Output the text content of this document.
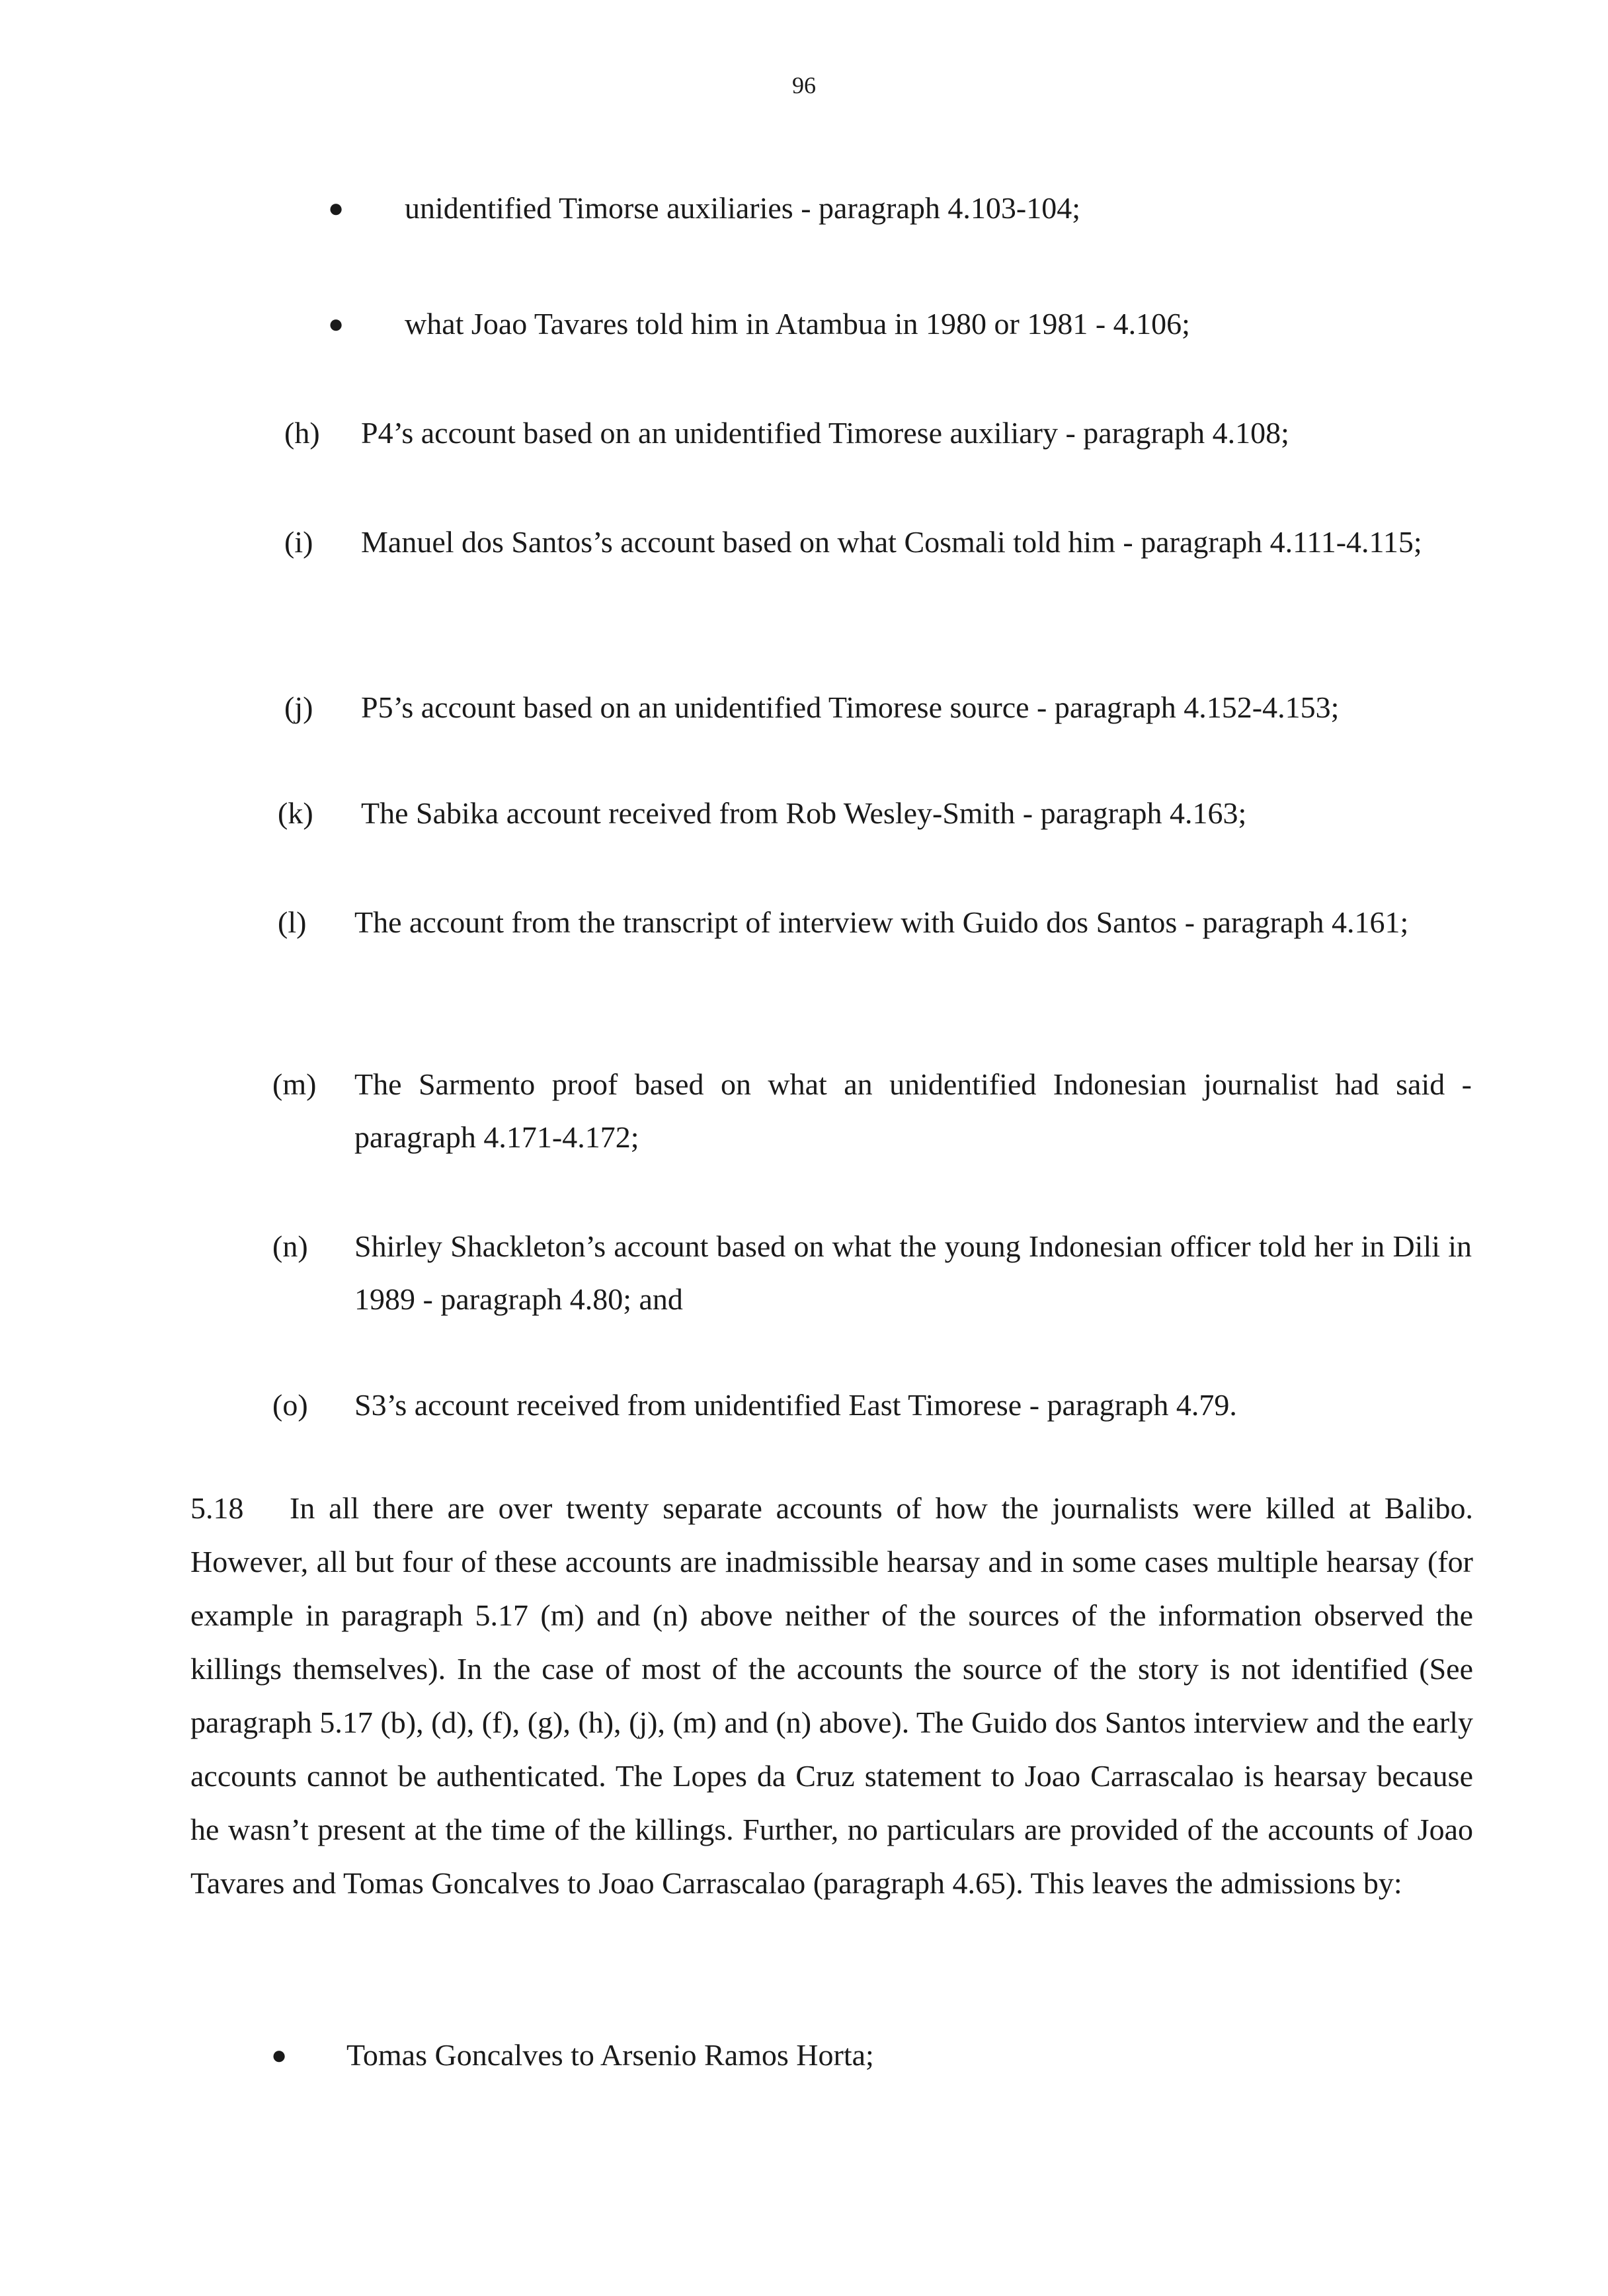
96
● unidentified Timorse auxiliaries - paragraph 4.103-104;
● what Joao Tavares told him in Atambua in 1980 or 1981 - 4.106;
(h) P4’s account based on an unidentified Timorese auxiliary - paragraph 4.108;
(i) Manuel dos Santos’s account based on what Cosmali told him - paragraph 4.111-4.115;
(j) P5’s account based on an unidentified Timorese source - paragraph 4.152-4.153;
(k) The Sabika account received from Rob Wesley-Smith - paragraph 4.163;
(l) The account from the transcript of interview with Guido dos Santos - paragraph 4.161;
(m) The Sarmento proof based on what an unidentified Indonesian journalist had said - paragraph 4.171-4.172;
(n) Shirley Shackleton’s account based on what the young Indonesian officer told her in Dili in 1989 - paragraph 4.80; and
(o) S3’s account received from unidentified East Timorese - paragraph 4.79.
5.18 In all there are over twenty separate accounts of how the journalists were killed at Balibo. However, all but four of these accounts are inadmissible hearsay and in some cases multiple hearsay (for example in paragraph 5.17 (m) and (n) above neither of the sources of the information observed the killings themselves). In the case of most of the accounts the source of the story is not identified (See paragraph 5.17 (b), (d), (f), (g), (h), (j), (m) and (n) above). The Guido dos Santos interview and the early accounts cannot be authenticated. The Lopes da Cruz statement to Joao Carrascalao is hearsay because he wasn’t present at the time of the killings. Further, no particulars are provided of the accounts of Joao Tavares and Tomas Goncalves to Joao Carrascalao (paragraph 4.65). This leaves the admissions by:
● Tomas Goncalves to Arsenio Ramos Horta;
